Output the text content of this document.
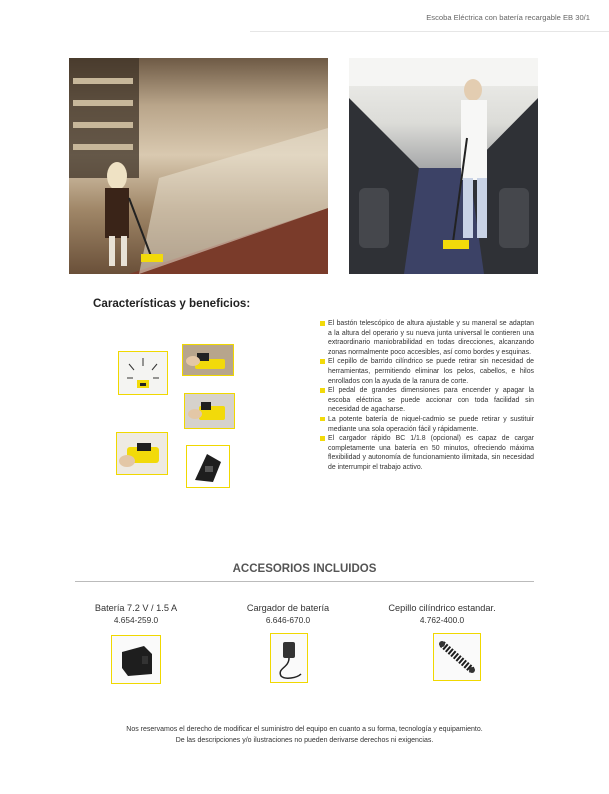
Escoba Eléctrica con batería recargable EB 30/1
Características y beneficios:
El bastón telescópico de altura ajustable y su maneral se adaptan a la altura del operario y su nueva junta universal le contieren una extraordinario maniobrabilidad en todas direcciones, alcanzando zonas normalmente poco accesibles, así como bordes y esquinas.
El cepillo de barrido cilíndrico se puede retirar sin necesidad de herramientas, permitiendo eliminar los pelos, cabellos, e hilos enrollados con la ayuda de la ranura de corte.
El pedal de grandes dimensiones para encender y apagar la escoba eléctrica se puede accionar con toda facilidad sin necesidad de agacharse.
La potente batería de niquel-cadmio se puede retirar y sustituir mediante una sola operación fácil y rápidamente.
El cargador rápido BC 1/1.8 (opcional) es capaz de cargar completamente una batería en 50 minutos, ofreciendo máxima flexibilidad y autonomía de funcionamiento ilimitada, sin necesidad de interrumpir el trabajo activo.
ACCESORIOS INCLUIDOS
Batería 7.2 V / 1.5 A
4.654-259.0
Cargador de batería
6.646-670.0
Cepillo cilíndrico estandar.
4.762-400.0
Nos reservamos el derecho de modificar el suministro del equipo en cuanto a su forma, tecnología y equipamiento.
De las descripciones y/o ilustraciones no pueden derivarse derechos ni exigencias.
